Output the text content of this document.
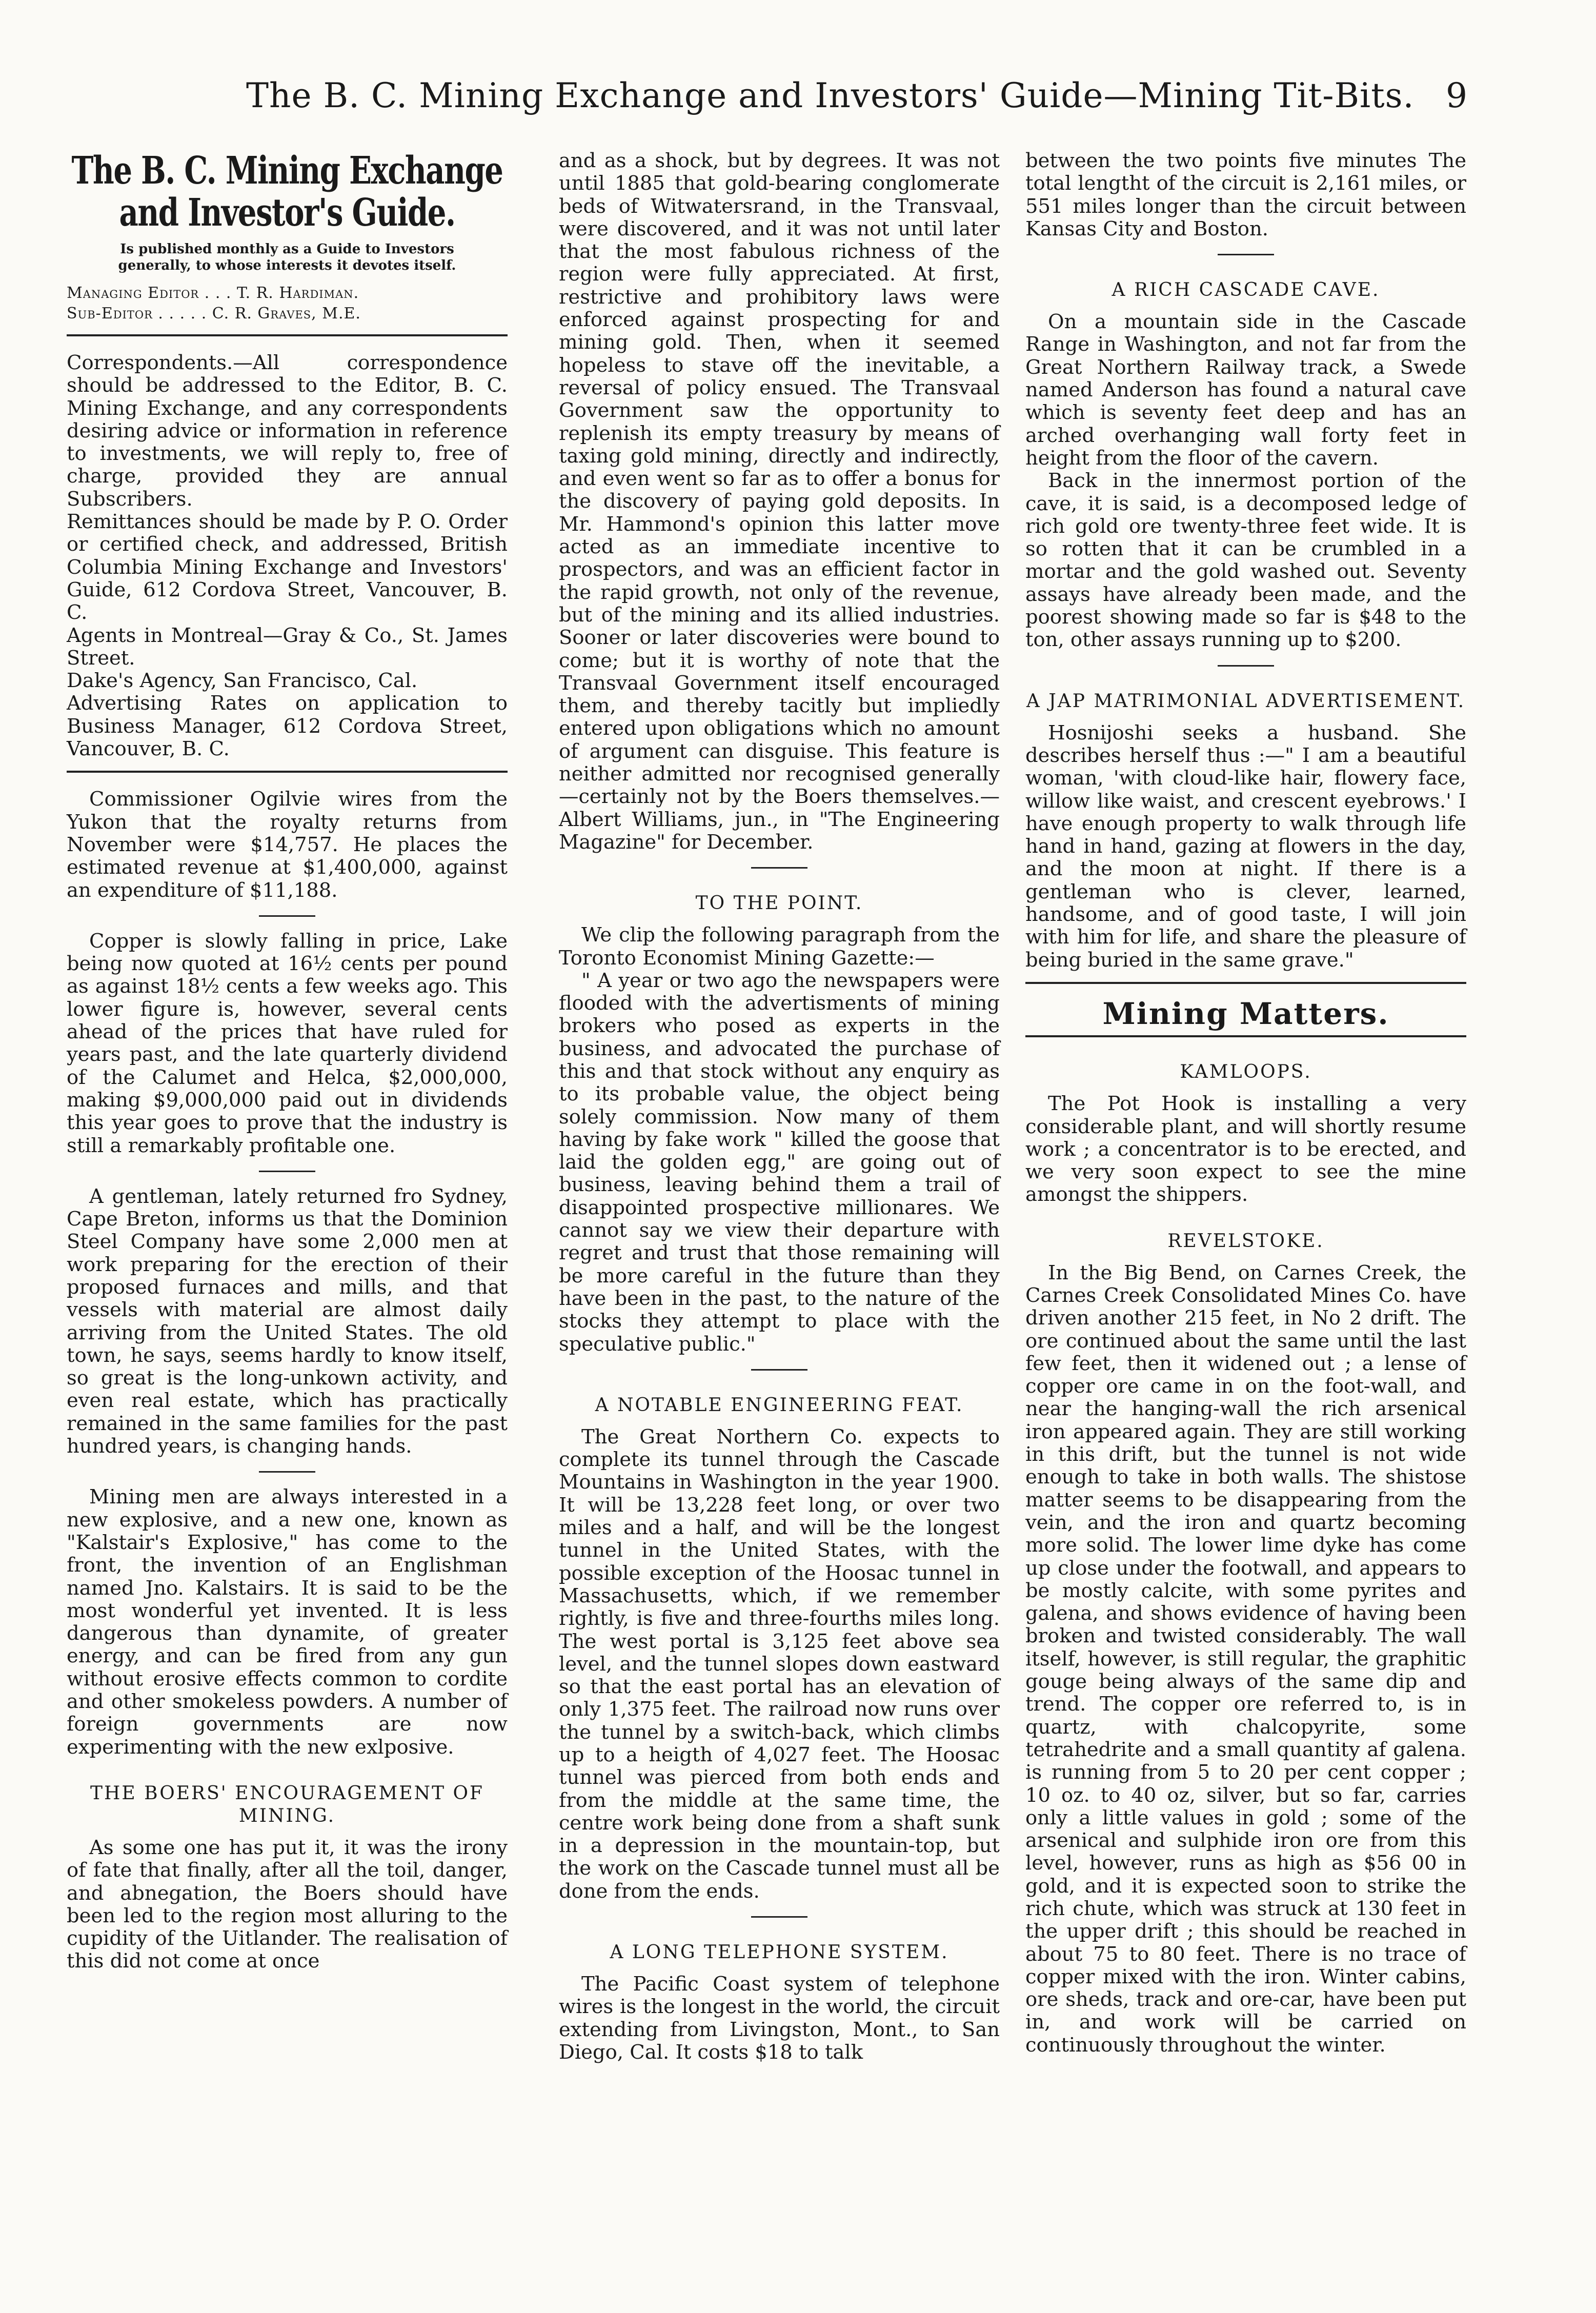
The B. C. Mining Exchange and Investors' Guide—Mining Tit-Bits. 9
The B. C. Mining Exchange and Investor's Guide.
Is published monthly as a Guide to Investors generally, to whose interests it devotes itself.

Managing Editor . . . T. R. Hardiman.

Sub-Editor . . . . . C. R. Graves, M.E.

Correspondents.—All correspondence should be addressed to the Editor, B. C. Mining Exchange, and any correspondents desiring advice or information in reference to investments, we will reply to, free of charge, provided they are annual Subscribers.

Remittances should be made by P. O. Order or certified check, and addressed, British Columbia Mining Exchange and Investors' Guide, 612 Cordova Street, Vancouver, B. C.

Agents in Montreal—Gray & Co., St. James Street.

Dake's Agency, San Francisco, Cal.

Advertising Rates on application to Business Manager, 612 Cordova Street, Vancouver, B. C.

Commissioner Ogilvie wires from the Yukon that the royalty returns from November were $14,757. He places the estimated revenue at $1,400,000, against an expenditure of $11,188.

Copper is slowly falling in price, Lake being now quoted at 16½ cents per pound as against 18½ cents a few weeks ago. This lower figure is, however, several cents ahead of the prices that have ruled for years past, and the late quarterly dividend of the Calumet and Helca, $2,000,000, making $9,000,000 paid out in dividends this year goes to prove that the industry is still a remarkably profitable one.

A gentleman, lately returned fro Sydney, Cape Breton, informs us that the Dominion Steel Company have some 2,000 men at work preparing for the erection of their proposed furnaces and mills, and that vessels with material are almost daily arriving from the United States. The old town, he says, seems hardly to know itself, so great is the long-unkown activity, and even real estate, which has practically remained in the same families for the past hundred years, is changing hands.

Mining men are always interested in a new explosive, and a new one, known as "Kalstair's Explosive," has come to the front, the invention of an Englishman named Jno. Kalstairs. It is said to be the most wonderful yet invented. It is less dangerous than dynamite, of greater energy, and can be fired from any gun without erosive effects common to cordite and other smokeless powders. A number of foreign governments are now experimenting with the new exlposive.

THE BOERS' ENCOURAGEMENT OF MINING.

As some one has put it, it was the irony of fate that finally, after all the toil, danger, and abnegation, the Boers should have been led to the region most alluring to the cupidity of the Uitlander. The realisation of this did not come at once

and as a shock, but by degrees. It was not until 1885 that gold-bearing conglomerate beds of Witwatersrand, in the Transvaal, were discovered, and it was not until later that the most fabulous richness of the region were fully appreciated. At first, restrictive and prohibitory laws were enforced against prospecting for and mining gold. Then, when it seemed hopeless to stave off the inevitable, a reversal of policy ensued. The Transvaal Government saw the opportunity to replenish its empty treasury by means of taxing gold mining, directly and indirectly, and even went so far as to offer a bonus for the discovery of paying gold deposits. In Mr. Hammond's opinion this latter move acted as an immediate incentive to prospectors, and was an efficient factor in the rapid growth, not only of the revenue, but of the mining and its allied industries. Sooner or later discoveries were bound to come; but it is worthy of note that the Transvaal Government itself encouraged them, and thereby tacitly but impliedly entered upon obligations which no amount of argument can disguise. This feature is neither admitted nor recognised generally—certainly not by the Boers themselves.—Albert Williams, jun., in "The Engineering Magazine" for December.

TO THE POINT.

We clip the following paragraph from the Toronto Economist Mining Gazette:—

" A year or two ago the newspapers were flooded with the advertisments of mining brokers who posed as experts in the business, and advocated the purchase of this and that stock without any enquiry as to its probable value, the object being solely commission. Now many of them having by fake work " killed the goose that laid the golden egg," are going out of business, leaving behind them a trail of disappointed prospective millionares. We cannot say we view their departure with regret and trust that those remaining will be more careful in the future than they have been in the past, to the nature of the stocks they attempt to place with the speculative public."

A NOTABLE ENGINEERING FEAT.

The Great Northern Co. expects to complete its tunnel through the Cascade Mountains in Washington in the year 1900. It will be 13,228 feet long, or over two miles and a half, and will be the longest tunnel in the United States, with the possible exception of the Hoosac tunnel in Massachusetts, which, if we remember rightly, is five and three-fourths miles long. The west portal is 3,125 feet above sea level, and the tunnel slopes down eastward so that the east portal has an elevation of only 1,375 feet. The railroad now runs over the tunnel by a switch-back, which climbs up to a heigth of 4,027 feet. The Hoosac tunnel was pierced from both ends and from the middle at the same time, the centre work being done from a shaft sunk in a depression in the mountain-top, but the work on the Cascade tunnel must all be done from the ends.

A LONG TELEPHONE SYSTEM.

The Pacific Coast system of telephone wires is the longest in the world, the circuit extending from Livingston, Mont., to San Diego, Cal. It costs $18 to talk

between the two points five minutes The total lengtht of the circuit is 2,161 miles, or 551 miles longer than the circuit between Kansas City and Boston.

A RICH CASCADE CAVE.

On a mountain side in the Cascade Range in Washington, and not far from the Great Northern Railway track, a Swede named Anderson has found a natural cave which is seventy feet deep and has an arched overhanging wall forty feet in height from the floor of the cavern.

Back in the innermost portion of the cave, it is said, is a decomposed ledge of rich gold ore twenty-three feet wide. It is so rotten that it can be crumbled in a mortar and the gold washed out. Seventy assays have already been made, and the poorest showing made so far is $48 to the ton, other assays running up to $200.

A JAP MATRIMONIAL ADVERTISEMENT.

Hosnijoshi seeks a husband. She describes herself thus :—" I am a beautiful woman, 'with cloud-like hair, flowery face, willow like waist, and crescent eyebrows.' I have enough property to walk through life hand in hand, gazing at flowers in the day, and the moon at night. If there is a gentleman who is clever, learned, handsome, and of good taste, I will join with him for life, and share the pleasure of being buried in the same grave."

Mining Matters.
KAMLOOPS.

The Pot Hook is installing a very considerable plant, and will shortly resume work ; a concentrator is to be erected, and we very soon expect to see the mine amongst the shippers.

REVELSTOKE.

In the Big Bend, on Carnes Creek, the Carnes Creek Consolidated Mines Co. have driven another 215 feet, in No 2 drift. The ore continued about the same until the last few feet, then it widened out ; a lense of copper ore came in on the foot-wall, and near the hanging-wall the rich arsenical iron appeared again. They are still working in this drift, but the tunnel is not wide enough to take in both walls. The shistose matter seems to be disappearing from the vein, and the iron and quartz becoming more solid. The lower lime dyke has come up close under the footwall, and appears to be mostly calcite, with some pyrites and galena, and shows evidence of having been broken and twisted considerably. The wall itself, however, is still regular, the graphitic gouge being always of the same dip and trend. The copper ore referred to, is in quartz, with chalcopyrite, some tetrahedrite and a small quantity af galena. is running from 5 to 20 per cent copper ; 10 oz. to 40 oz, silver, but so far, carries only a little values in gold ; some of the arsenical and sulphide iron ore from this level, however, runs as high as $56 00 in gold, and it is expected soon to strike the rich chute, which was struck at 130 feet in the upper drift ; this should be reached in about 75 to 80 feet. There is no trace of copper mixed with the iron. Winter cabins, ore sheds, track and ore-car, have been put in, and work will be carried on continuously throughout the winter.
